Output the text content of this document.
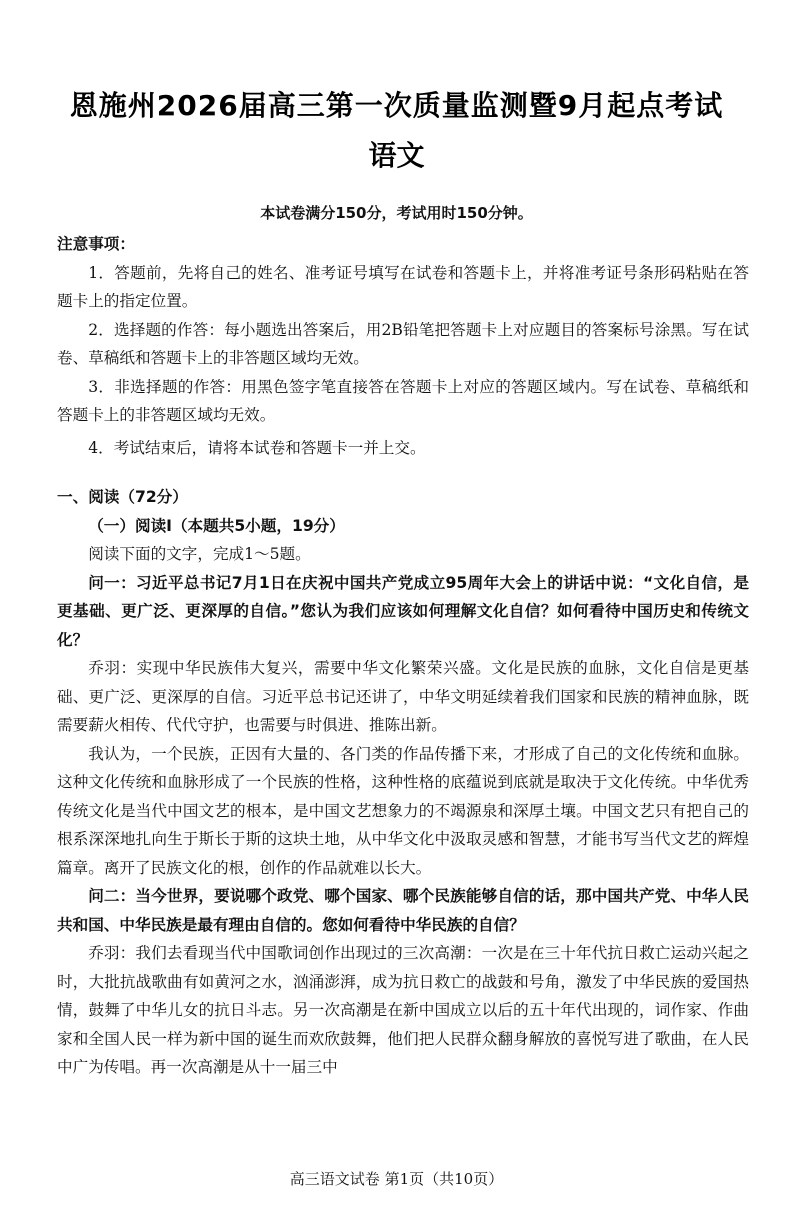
恩施州2026届高三第一次质量监测暨9月起点考试
语文
本试卷满分150分，考试用时150分钟。

注意事项：

1．答题前，先将自己的姓名、准考证号填写在试卷和答题卡上，并将准考证号条形码粘贴在答题卡上的指定位置。

2．选择题的作答：每小题选出答案后，用2B铅笔把答题卡上对应题目的答案标号涂黑。写在试卷、草稿纸和答题卡上的非答题区域均无效。

3．非选择题的作答：用黑色签字笔直接答在答题卡上对应的答题区域内。写在试卷、草稿纸和答题卡上的非答题区域均无效。

4．考试结束后，请将本试卷和答题卡一并上交。

一、阅读（72分）

（一）阅读Ⅰ（本题共5小题，19分）

阅读下面的文字，完成1～5题。

问一：习近平总书记7月1日在庆祝中国共产党成立95周年大会上的讲话中说：“文化自信，是更基础、更广泛、更深厚的自信。”您认为我们应该如何理解文化自信？如何看待中国历史和传统文化？

乔羽：实现中华民族伟大复兴，需要中华文化繁荣兴盛。文化是民族的血脉，文化自信是更基础、更广泛、更深厚的自信。习近平总书记还讲了，中华文明延续着我们国家和民族的精神血脉，既需要薪火相传、代代守护，也需要与时俱进、推陈出新。

我认为，一个民族，正因有大量的、各门类的作品传播下来，才形成了自己的文化传统和血脉。这种文化传统和血脉形成了一个民族的性格，这种性格的底蕴说到底就是取决于文化传统。中华优秀传统文化是当代中国文艺的根本，是中国文艺想象力的不竭源泉和深厚土壤。中国文艺只有把自己的根系深深地扎向生于斯长于斯的这块土地，从中华文化中汲取灵感和智慧，才能书写当代文艺的辉煌篇章。离开了民族文化的根，创作的作品就难以长大。

问二：当今世界，要说哪个政党、哪个国家、哪个民族能够自信的话，那中国共产党、中华人民共和国、中华民族是最有理由自信的。您如何看待中华民族的自信？

乔羽：我们去看现当代中国歌词创作出现过的三次高潮：一次是在三十年代抗日救亡运动兴起之时，大批抗战歌曲有如黄河之水，汹涌澎湃，成为抗日救亡的战鼓和号角，激发了中华民族的爱国热情，鼓舞了中华儿女的抗日斗志。另一次高潮是在新中国成立以后的五十年代出现的，词作家、作曲家和全国人民一样为新中国的诞生而欢欣鼓舞，他们把人民群众翻身解放的喜悦写进了歌曲，在人民中广为传唱。再一次高潮是从十一届三中

高三语文试卷 第1页（共10页）
